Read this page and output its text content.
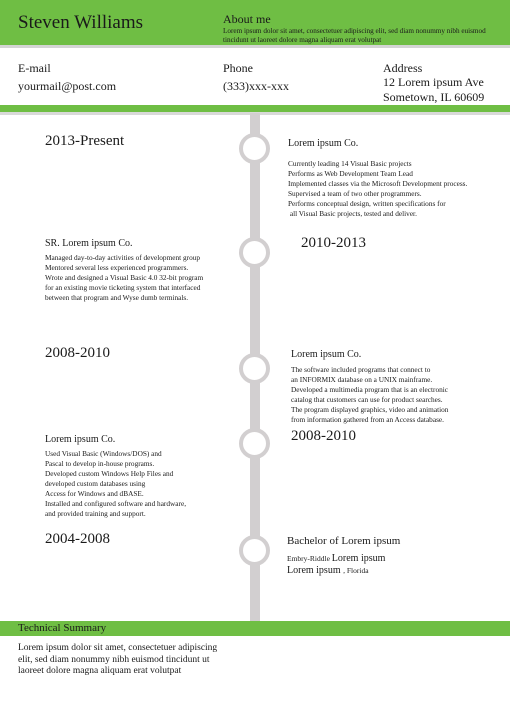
Steven Williams	About me
Lorem ipsum dolor sit amet, consectetuer adipiscing elit, sed diam nonummy nibh euismod tincidunt ut laoreet dolore magna aliquam erat volutpat
E-mail
yourmail@post.com
Phone
(333)xxx-xxx
Address
12 Lorem ipsum Ave
Sometown, IL 60609
2013-Present	Lorem ipsum Co.
Currently leading 14 Visual Basic projects
Performs as Web Development Team Lead
Implemented classes via the Microsoft Development process.
Supervised a team of two other programmers.
Performs conceptual design, written specifications for
all Visual Basic projects, tested and deliver.
SR. Lorem ipsum Co.	2010-2013
Managed day-to-day activities of development group
Mentored several less experienced programmers.
Wrote and designed a Visual Basic 4.0 32-bit program
for an existing movie ticketing system that interfaced
between that program and Wyse dumb terminals.
2008-2010	Lorem ipsum Co.
The software included programs that connect to
an INFORMIX database on a UNIX mainframe.
Developed a multimedia program that is an electronic
catalog that customers can use for product searches.
The program displayed graphics, video and animation
from information gathered from an Access database.
Lorem ipsum Co.	2008-2010
Used Visual Basic (Windows/DOS) and
Pascal to develop in-house programs.
Developed custom Windows Help Files and
developed custom databases using
Access for Windows and dBASE.
Installed and configured software and hardware,
and provided training and support.
2004-2008	Bachelor of Lorem ipsum
Embry-Riddle Lorem ipsum
Lorem ipsum , Florida
Technical Summary
Lorem ipsum dolor sit amet, consectetuer adipiscing elit, sed diam nonummy nibh euismod tincidunt ut laoreet dolore magna aliquam erat volutpat
